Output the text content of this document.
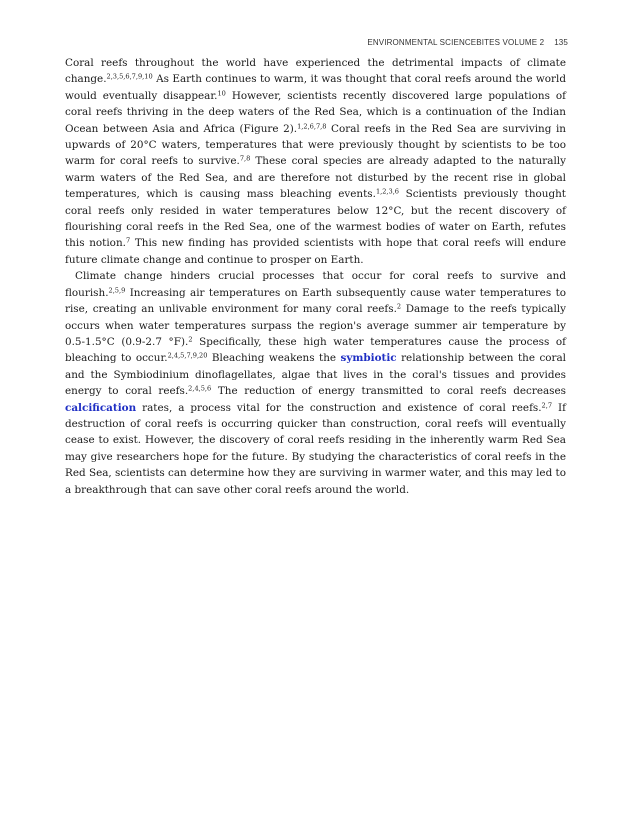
ENVIRONMENTAL SCIENCEBITES VOLUME 2 135

Coral reefs throughout the world have experienced the detrimental impacts of climate change.$^{2,3,5,6,7,9,10}$ As Earth continues to warm, it was thought that coral reefs around the world would eventually disappear.$^{10}$ However, scientists recently discovered large populations of coral reefs thriving in the deep waters of the Red Sea, which is a continuation of the Indian Ocean between Asia and Africa (Figure 2).$^{1,2,6,7,8}$ Coral reefs in the Red Sea are surviving in upwards of 20°C waters, temperatures that were previously thought by scientists to be too warm for coral reefs to survive.$^{7,8}$ These coral species are already adapted to the naturally warm waters of the Red Sea, and are therefore not disturbed by the recent rise in global temperatures, which is causing mass bleaching events.$^{1,2,3,6}$ Scientists previously thought coral reefs only resided in water temperatures below 12°C, but the recent discovery of flourishing coral reefs in the Red Sea, one of the warmest bodies of water on Earth, refutes this notion.$^7$ This new finding has provided scientists with hope that coral reefs will endure future climate change and continue to prosper on Earth.

Climate change hinders crucial processes that occur for coral reefs to survive and flourish.$^{2,5,9}$ Increasing air temperatures on Earth subsequently cause water temperatures to rise, creating an unlivable environment for many coral reefs.$^2$ Damage to the reefs typically occurs when water temperatures surpass the region's average summer air temperature by 0.5-1.5°C (0.9-2.7 °F).$^2$ Specifically, these high water temperatures cause the process of bleaching to occur.$^{2,4,5,7,9,20}$ Bleaching weakens the symbiotic relationship between the coral and the Symbiodinium dinoflagellates, algae that lives in the coral's tissues and provides energy to coral reefs.$^{2,4,5,6}$ The reduction of energy transmitted to coral reefs decreases calcification rates, a process vital for the construction and existence of coral reefs.$^{2,7}$ If destruction of coral reefs is occurring quicker than construction, coral reefs will eventually cease to exist. However, the discovery of coral reefs residing in the inherently warm Red Sea may give researchers hope for the future. By studying the characteristics of coral reefs in the Red Sea, scientists can determine how they are surviving in warmer water, and this may led to a breakthrough that can save other coral reefs around the world.
